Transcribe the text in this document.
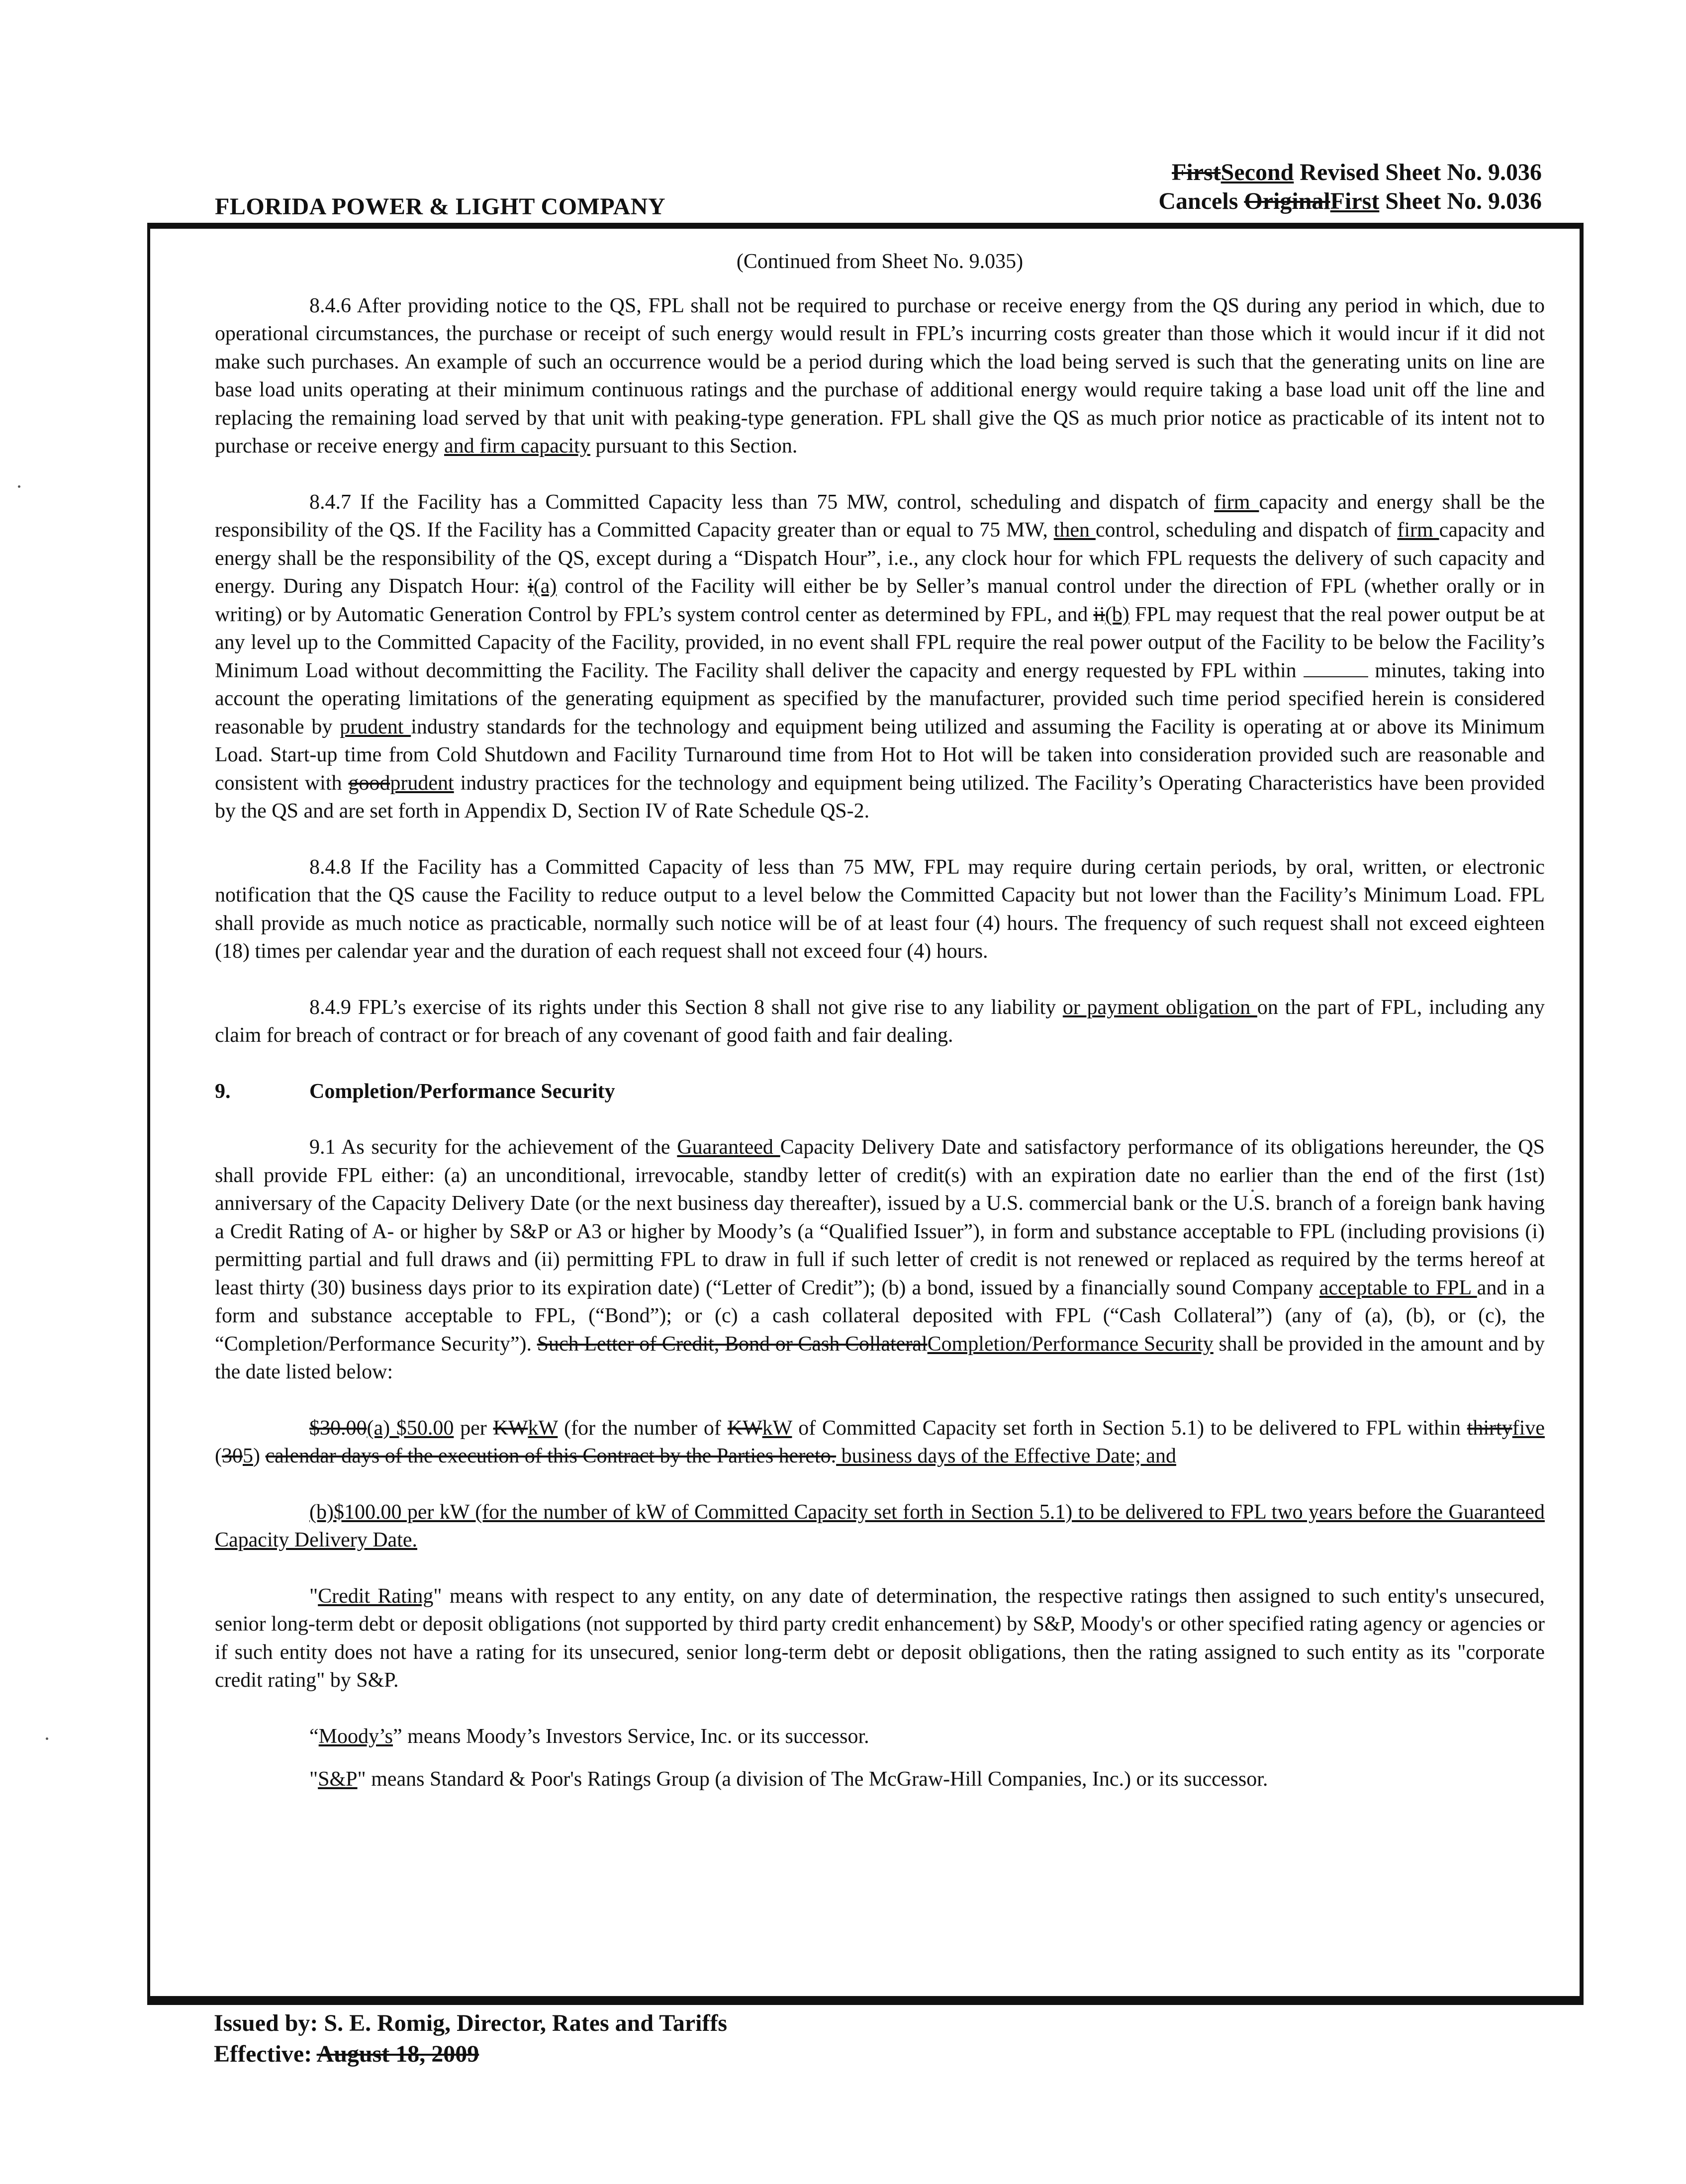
FLORIDA POWER & LIGHT COMPANY
FirstSecond Revised Sheet No. 9.036
Cancels OriginalFirst Sheet No. 9.036
(Continued from Sheet No. 9.035)

8.4.6 After providing notice to the QS, FPL shall not be required to purchase or receive energy from the QS during any period in which, due to operational circumstances, the purchase or receipt of such energy would result in FPL’s incurring costs greater than those which it would incur if it did not make such purchases. An example of such an occurrence would be a period during which the load being served is such that the generating units on line are base load units operating at their minimum continuous ratings and the purchase of additional energy would require taking a base load unit off the line and replacing the remaining load served by that unit with peaking-type generation. FPL shall give the QS as much prior notice as practicable of its intent not to purchase or receive energy and firm capacity pursuant to this Section.

8.4.7 If the Facility has a Committed Capacity less than 75 MW, control, scheduling and dispatch of firm capacity and energy shall be the responsibility of the QS. If the Facility has a Committed Capacity greater than or equal to 75 MW, then control, scheduling and dispatch of firm capacity and energy shall be the responsibility of the QS, except during a “Dispatch Hour”, i.e., any clock hour for which FPL requests the delivery of such capacity and energy. During any Dispatch Hour: i(a) control of the Facility will either be by Seller’s manual control under the direction of FPL (whether orally or in writing) or by Automatic Generation Control by FPL’s system control center as determined by FPL, and ii(b) FPL may request that the real power output be at any level up to the Committed Capacity of the Facility, provided, in no event shall FPL require the real power output of the Facility to be below the Facility’s Minimum Load without decommitting the Facility. The Facility shall deliver the capacity and energy requested by FPL within	minutes, taking into account the operating limitations of the generating equipment as specified by the manufacturer, provided such time period specified herein is considered reasonable by prudent industry standards for the technology and equipment being utilized and assuming the Facility is operating at or above its Minimum Load. Start-up time from Cold Shutdown and Facility Turnaround time from Hot to Hot will be taken into consideration provided such are reasonable and consistent with goodprudent industry practices for the technology and equipment being utilized. The Facility’s Operating Characteristics have been provided by the QS and are set forth in Appendix D, Section IV of Rate Schedule QS-2.

8.4.8 If the Facility has a Committed Capacity of less than 75 MW, FPL may require during certain periods, by oral, written, or electronic notification that the QS cause the Facility to reduce output to a level below the Committed Capacity but not lower than the Facility’s Minimum Load. FPL shall provide as much notice as practicable, normally such notice will be of at least four (4) hours. The frequency of such request shall not exceed eighteen (18) times per calendar year and the duration of each request shall not exceed four (4) hours.

8.4.9 FPL’s exercise of its rights under this Section 8 shall not give rise to any liability or payment obligation on the part of FPL, including any claim for breach of contract or for breach of any covenant of good faith and fair dealing.

9.	Completion/Performance Security

9.1 As security for the achievement of the Guaranteed Capacity Delivery Date and satisfactory performance of its obligations hereunder, the QS shall provide FPL either: (a) an unconditional, irrevocable, standby letter of credit(s) with an expiration date no earlier than the end of the first (1st) anniversary of the Capacity Delivery Date (or the next business day thereafter), issued by a U.S. commercial bank or the U.S. branch of a foreign bank having a Credit Rating of A- or higher by S&P or A3 or higher by Moody’s (a “Qualified Issuer”), in form and substance acceptable to FPL (including provisions (i) permitting partial and full draws and (ii) permitting FPL to draw in full if such letter of credit is not renewed or replaced as required by the terms hereof at least thirty (30) business days prior to its expiration date) (“Letter of Credit”); (b) a bond, issued by a financially sound Company acceptable to FPL and in a form and substance acceptable to FPL, (“Bond”); or (c) a cash collateral deposited with FPL (“Cash Collateral”) (any of (a), (b), or (c), the “Completion/Performance Security”). Such Letter of Credit, Bond or Cash CollateralCompletion/Performance Security shall be provided in the amount and by the date listed below:

$30.00(a) $50.00 per KWkW (for the number of KWkW of Committed Capacity set forth in Section 5.1) to be delivered to FPL within thirtyfive (305) calendar days of the execution of this Contract by the Parties hereto. business days of the Effective Date; and

(b)$100.00 per kW (for the number of kW of Committed Capacity set forth in Section 5.1) to be delivered to FPL two years before the Guaranteed Capacity Delivery Date.

"Credit Rating" means with respect to any entity, on any date of determination, the respective ratings then assigned to such entity's unsecured, senior long-term debt or deposit obligations (not supported by third party credit enhancement) by S&P, Moody's or other specified rating agency or agencies or if such entity does not have a rating for its unsecured, senior long-term debt or deposit obligations, then the rating assigned to such entity as its "corporate credit rating" by S&P.

“Moody’s” means Moody’s Investors Service, Inc. or its successor.

"S&P" means Standard & Poor's Ratings Group (a division of The McGraw-Hill Companies, Inc.) or its successor.

Issued by: S. E. Romig, Director, Rates and Tariffs
Effective: August 18, 2009
